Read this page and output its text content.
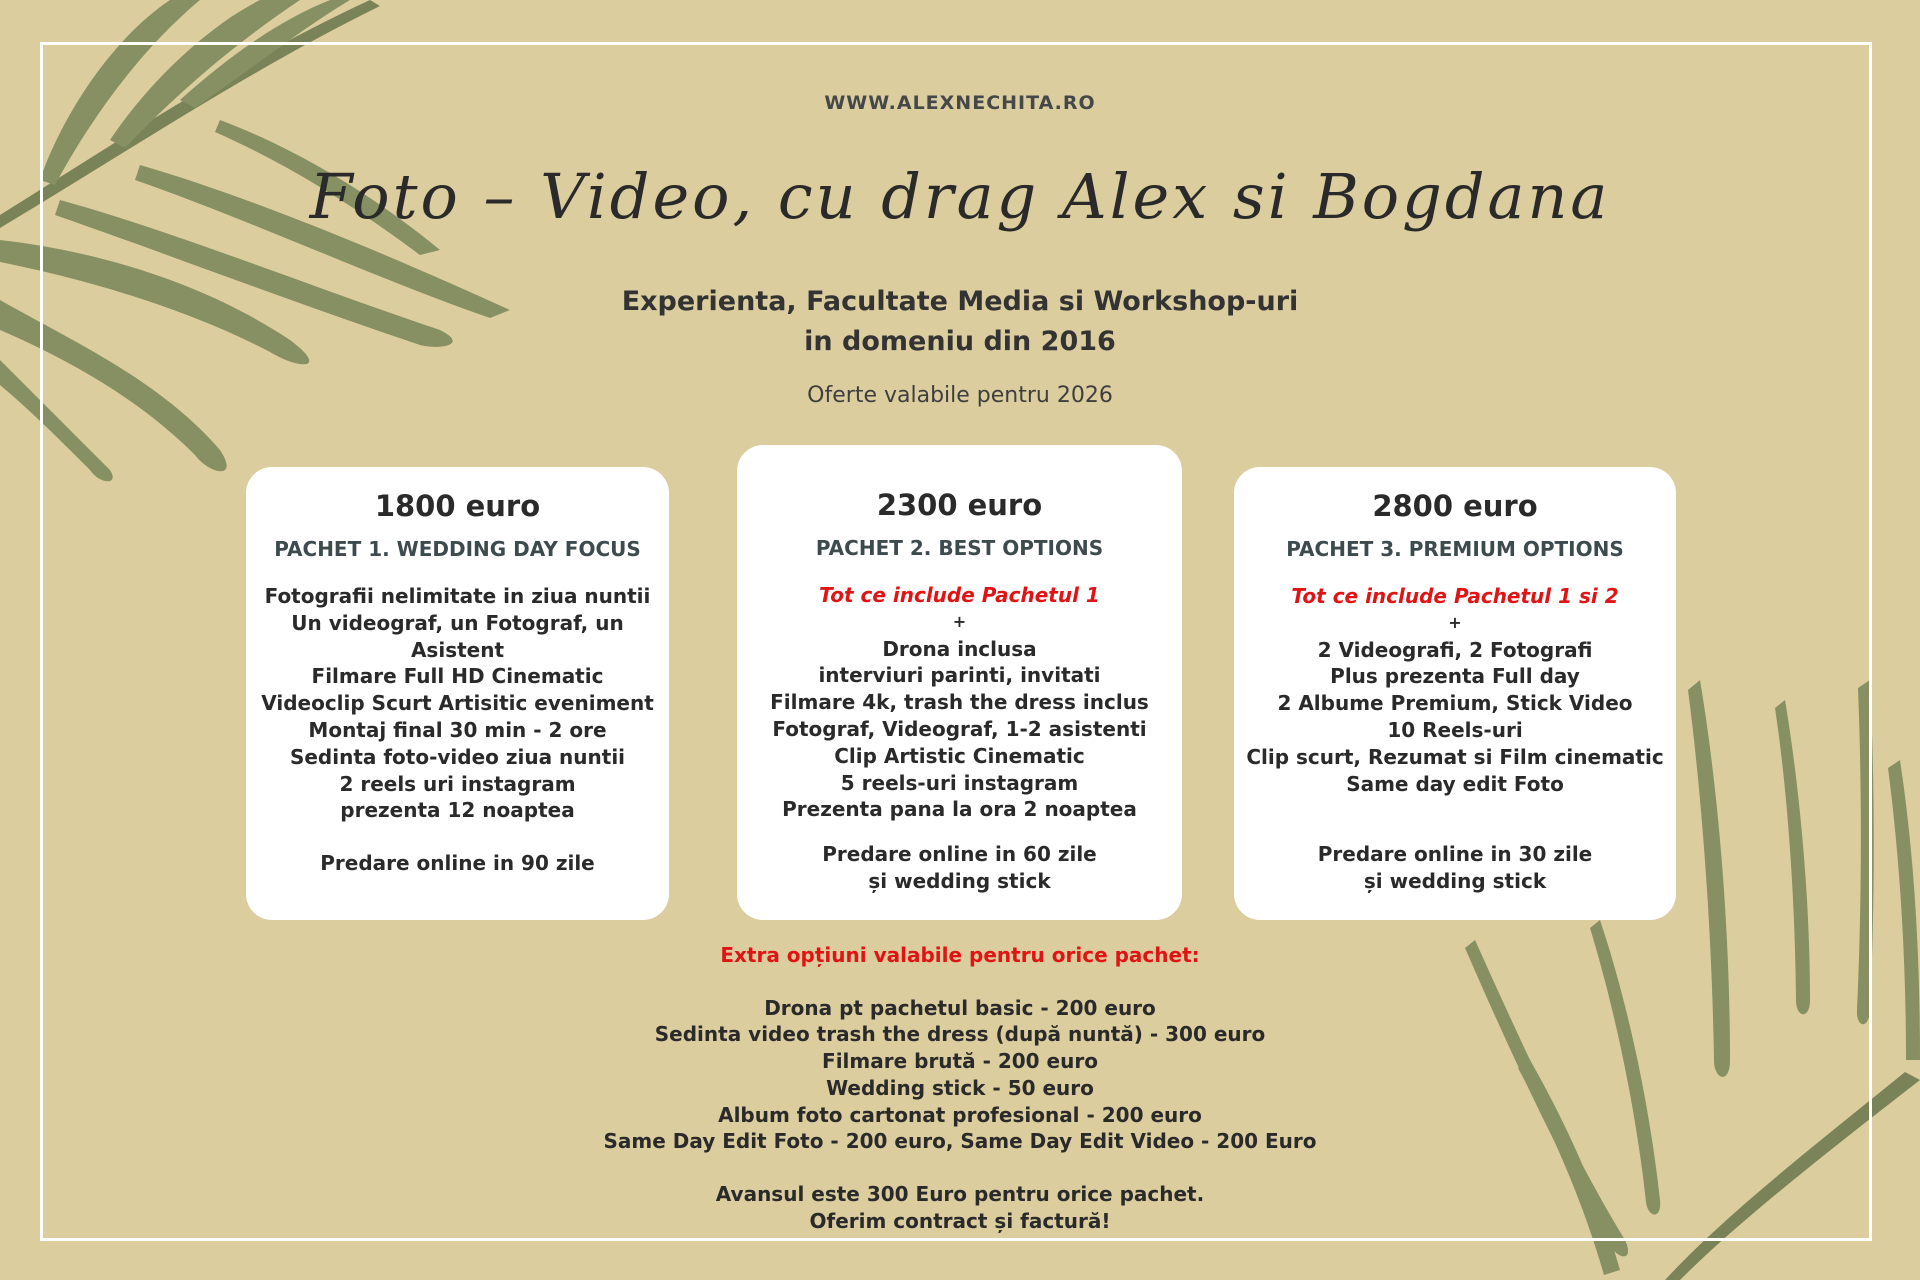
WWW.ALEXNECHITA.RO
Foto – Video, cu drag Alex si Bogdana
Experienta, Facultate Media si Workshop-uri
in domeniu din 2016
Oferte valabile pentru 2026
1800 euro
PACHET 1. WEDDING DAY FOCUS
Fotografii nelimitate in ziua nuntii
Un videograf, un Fotograf, un Asistent
Filmare Full HD Cinematic
Videoclip Scurt Artisitic eveniment
Montaj final 30 min - 2 ore
Sedinta foto-video ziua nuntii
2 reels uri instagram
prezenta 12 noaptea
Predare online in 90 zile
2300 euro
PACHET 2. BEST OPTIONS
Tot ce include Pachetul 1
+
Drona inclusa
interviuri parinti, invitati
Filmare 4k, trash the dress inclus
Fotograf, Videograf, 1-2 asistenti
Clip Artistic Cinematic
5 reels-uri instagram
Prezenta pana la ora 2 noaptea
Predare online in 60 zile
și wedding stick
2800 euro
PACHET 3. PREMIUM OPTIONS
Tot ce include Pachetul 1 si 2
+
2 Videografi, 2 Fotografi
Plus prezenta Full day
2 Albume Premium, Stick Video
10 Reels-uri
Clip scurt, Rezumat si Film cinematic
Same day edit Foto
Predare online in 30 zile
și wedding stick
Extra opțiuni valabile pentru orice pachet:
Drona pt pachetul basic - 200 euro
Sedinta video trash the dress (după nuntă) - 300 euro
Filmare brută - 200 euro
Wedding stick - 50 euro
Album foto cartonat profesional - 200 euro
Same Day Edit Foto - 200 euro, Same Day Edit Video - 200 Euro
Avansul este 300 Euro pentru orice pachet.
Oferim contract și factură!
